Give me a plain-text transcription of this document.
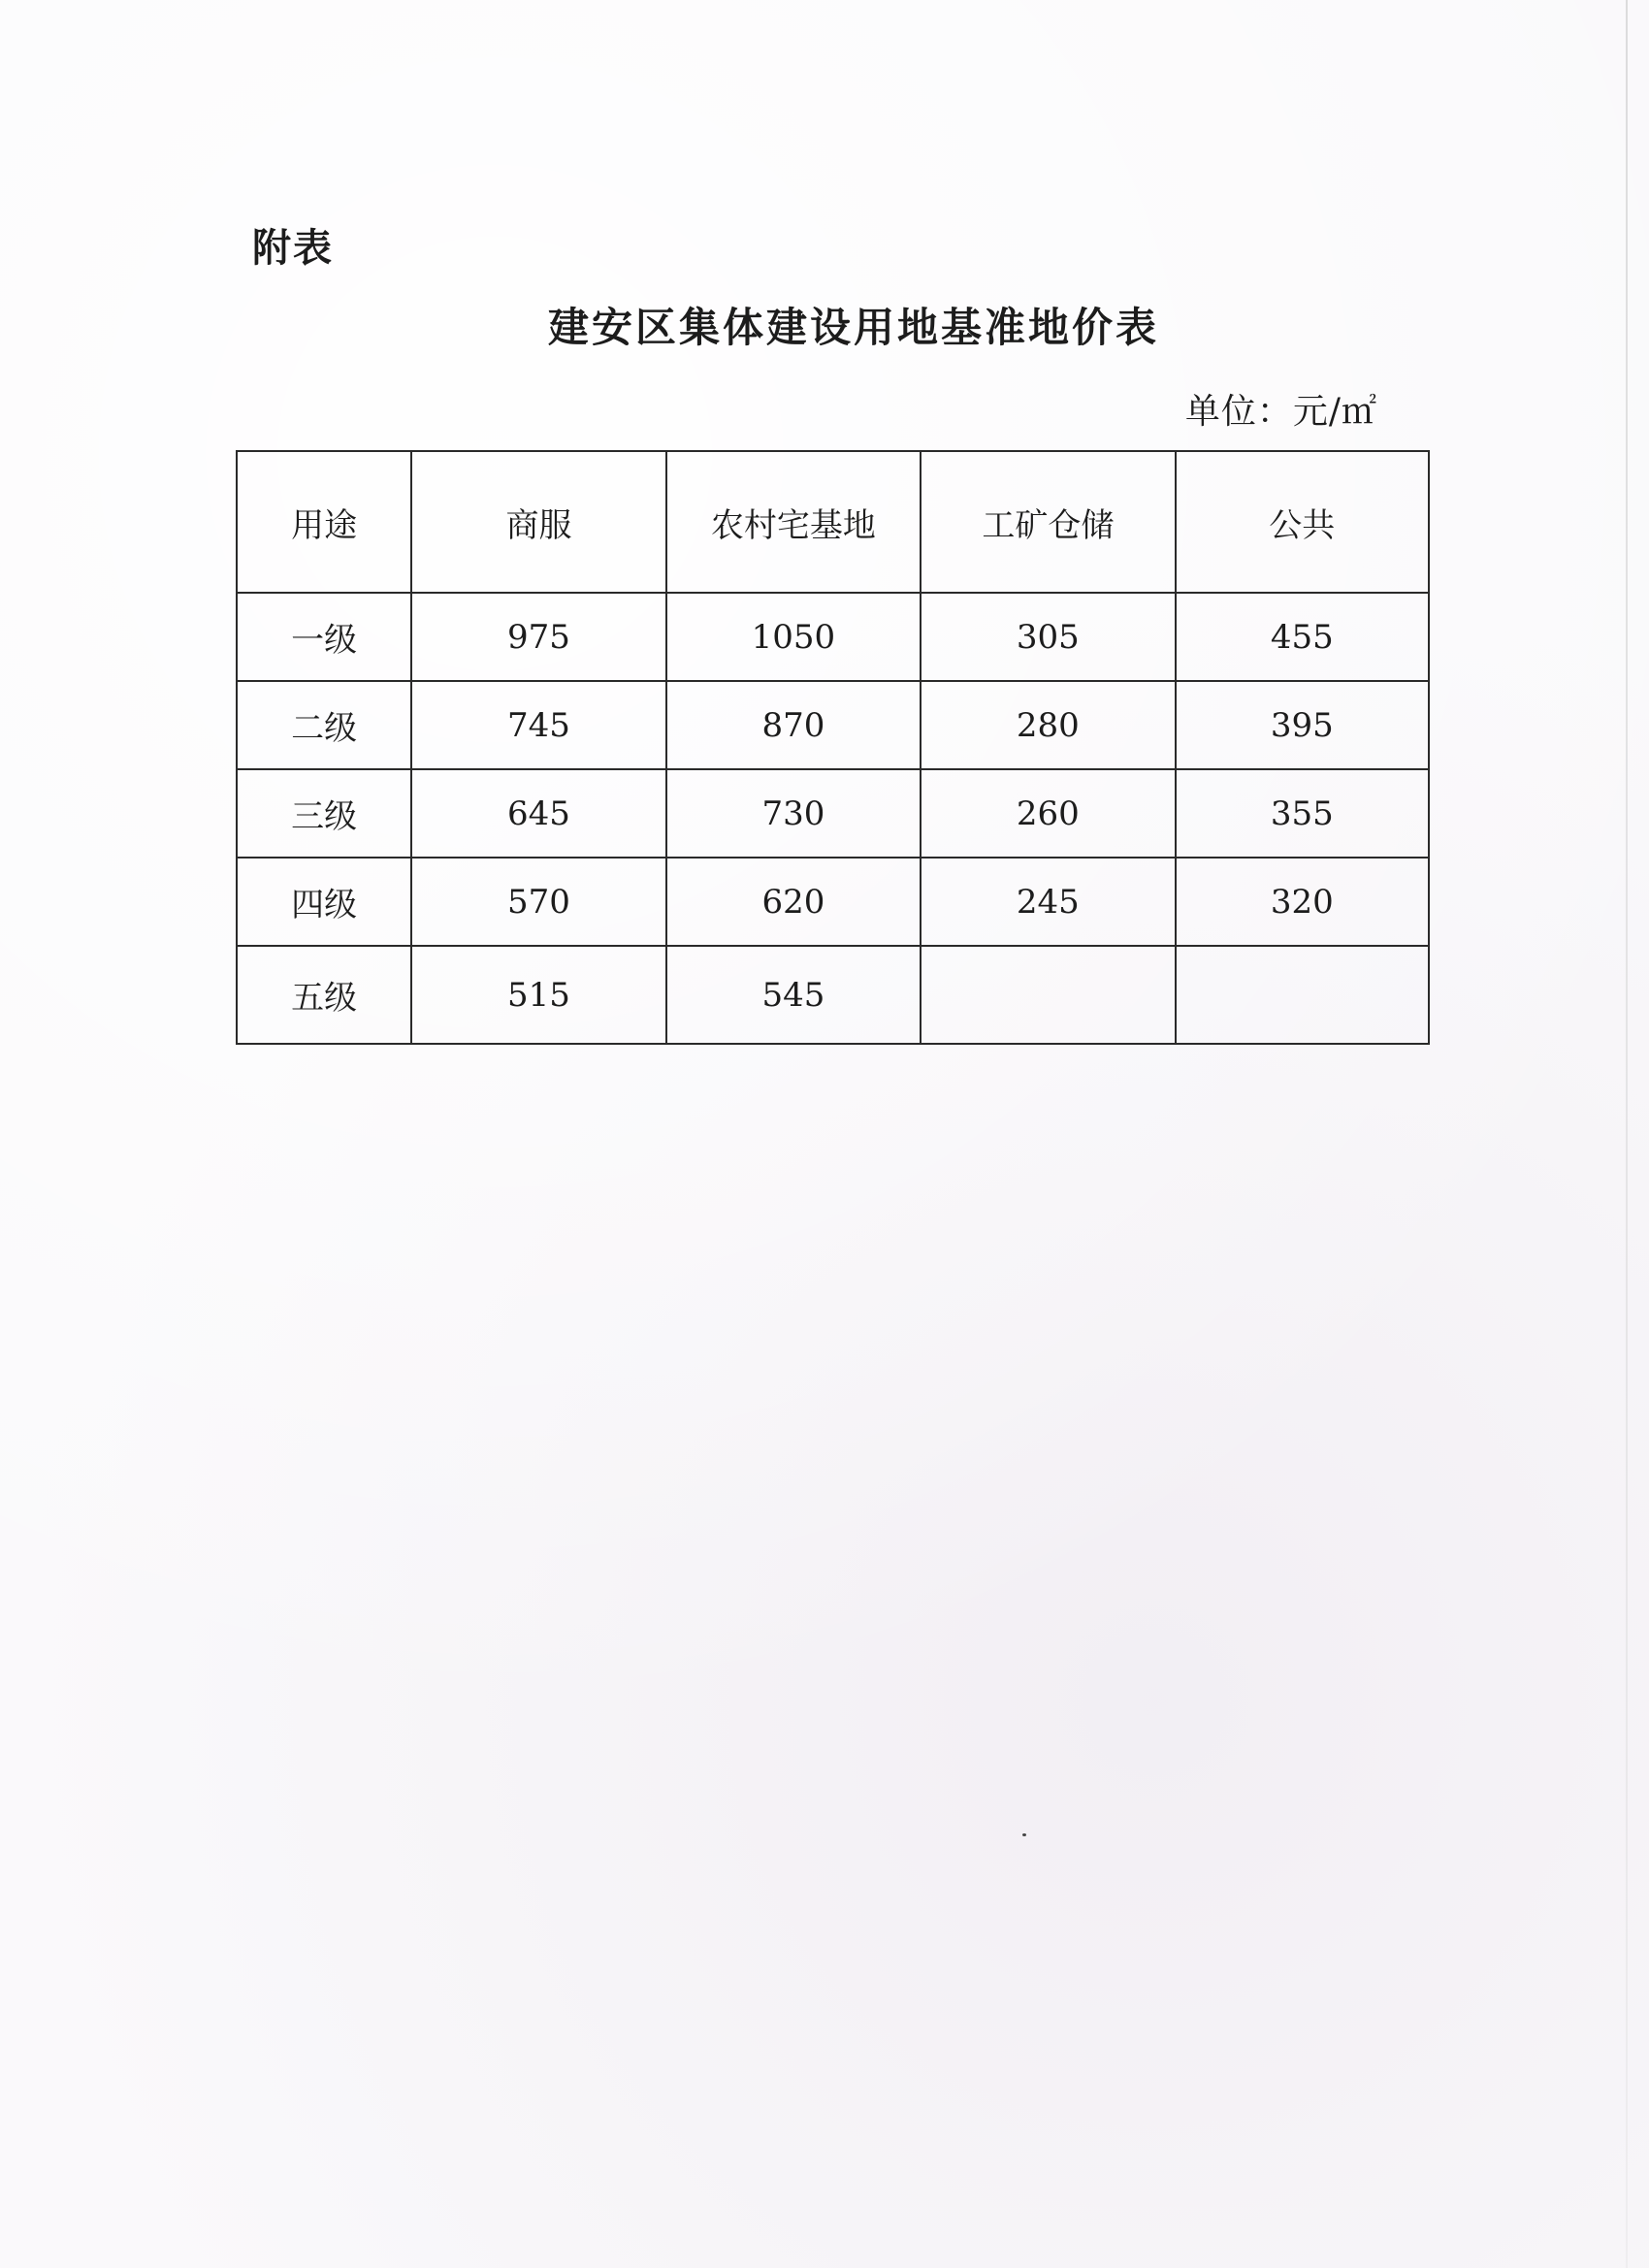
附表
建安区集体建设用地基准地价表
单位：元/㎡
用途	商服	农村宅基地	工矿仓储	公共
一级	975	1050	305	455
二级	745	870	280	395
三级	645	730	260	355
四级	570	620	245	320
五级	515	545		
